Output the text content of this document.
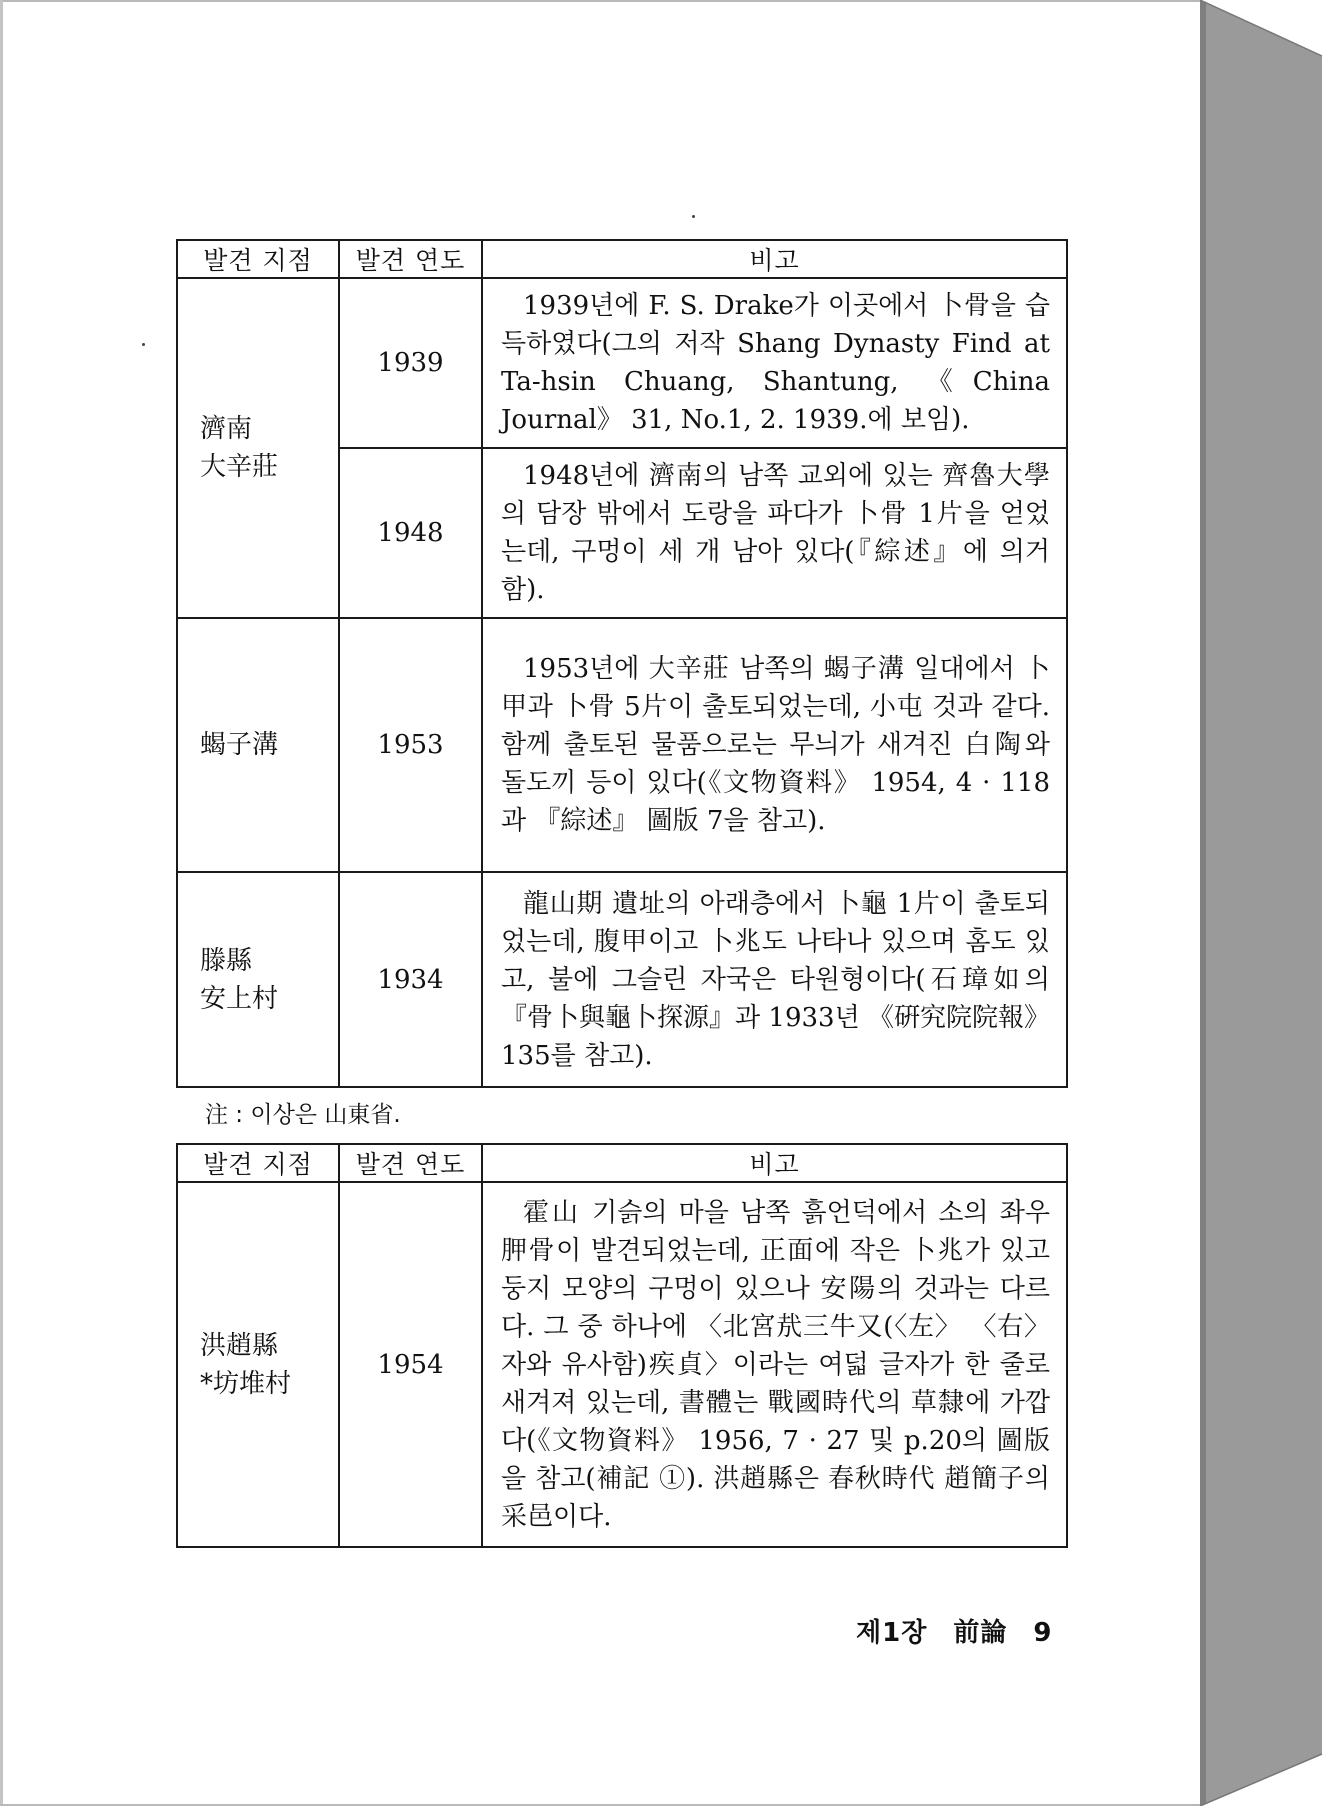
발견 지점	발견 연도	비고
濟南
大辛莊	1939	1939년에 F. S. Drake가 이곳에서 卜骨을 습득하였다(그의 저작 Shang Dynasty Find at Ta-hsin Chuang, Shantung, 《China Journal》 31, No.1, 2. 1939.에 보임).
	1948	1948년에 濟南의 남쪽 교외에 있는 齊魯大學의 담장 밖에서 도랑을 파다가 卜骨 1片을 얻었는데, 구멍이 세 개 남아 있다(『綜述』에 의거함).
蝎子溝	1953	1953년에 大辛莊 남쪽의 蝎子溝 일대에서 卜甲과 卜骨 5片이 출토되었는데, 小屯 것과 같다. 함께 출토된 물품으로는 무늬가 새겨진 白陶와 돌도끼 등이 있다(《文物資料》 1954, 4 · 118과 『綜述』 圖版 7을 참고).
滕縣
安上村	1934	龍山期 遺址의 아래층에서 卜龜 1片이 출토되었는데, 腹甲이고 卜兆도 나타나 있으며 홈도 있고, 불에 그슬린 자국은 타원형이다(石璋如의 『骨卜與龜卜探源』과 1933년 《硏究院院報》 135를 참고).
注 : 이상은 山東省.
발견 지점	발견 연도	비고
洪趙縣
*坊堆村	1954	霍山 기슭의 마을 남쪽 흙언덕에서 소의 좌우 胛骨이 발견되었는데, 正面에 작은 卜兆가 있고 둥지 모양의 구멍이 있으나 安陽의 것과는 다르다. 그 중 하나에 〈北宮㢤三牛又(〈左〉 〈右〉 자와 유사함)疾貞〉이라는 여덟 글자가 한 줄로 새겨져 있는데, 書體는 戰國時代의 草隸에 가깝다(《文物資料》 1956, 7 · 27 및 p.20의 圖版을 참고(補記 ①). 洪趙縣은 春秋時代 趙簡子의 采邑이다.
제1장 前論 9
